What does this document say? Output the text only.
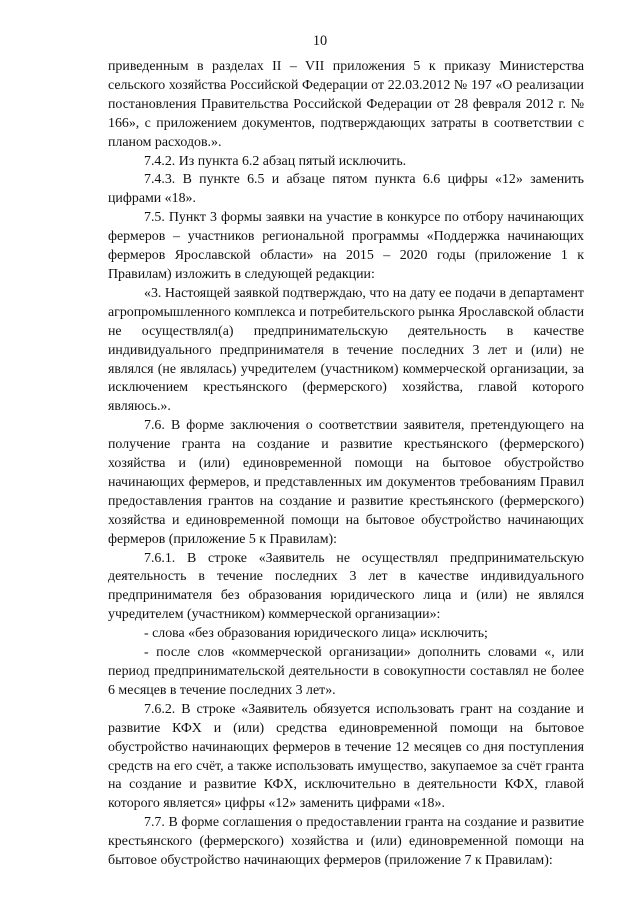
10

приведенным в разделах II – VII приложения 5 к приказу Министерства сельского хозяйства Российской Федерации от 22.03.2012 № 197 «О реализации постановления Правительства Российской Федерации от 28 февраля 2012 г. № 166», с приложением документов, подтверждающих затраты в соответствии с планом расходов.».

7.4.2. Из пункта 6.2 абзац пятый исключить.

7.4.3. В пункте 6.5 и абзаце пятом пункта 6.6 цифры «12» заменить цифрами «18».

7.5. Пункт 3 формы заявки на участие в конкурсе по отбору начинающих фермеров – участников региональной программы «Поддержка начинающих фермеров Ярославской области» на 2015 – 2020 годы (приложение 1 к Правилам) изложить в следующей редакции:

«3. Настоящей заявкой подтверждаю, что на дату ее подачи в департамент агропромышленного комплекса и потребительского рынка Ярославской области не осуществлял(а) предпринимательскую деятельность в качестве индивидуального предпринимателя в течение последних 3 лет и (или) не являлся (не являлась) учредителем (участником) коммерческой организации, за исключением крестьянского (фермерского) хозяйства, главой которого являюсь.».

7.6. В форме заключения о соответствии заявителя, претендующего на получение гранта на создание и развитие крестьянского (фермерского) хозяйства и (или) единовременной помощи на бытовое обустройство начинающих фермеров, и представленных им документов требованиям Правил предоставления грантов на создание и развитие крестьянского (фермерского) хозяйства и единовременной помощи на бытовое обустройство начинающих фермеров (приложение 5 к Правилам):

7.6.1. В строке «Заявитель не осуществлял предпринимательскую деятельность в течение последних 3 лет в качестве индивидуального предпринимателя без образования юридического лица и (или) не являлся учредителем (участником) коммерческой организации»:

- слова «без образования юридического лица» исключить;

- после слов «коммерческой организации» дополнить словами «, или период предпринимательской деятельности в совокупности составлял не более 6 месяцев в течение последних 3 лет».

7.6.2. В строке «Заявитель обязуется использовать грант на создание и развитие КФХ и (или) средства единовременной помощи на бытовое обустройство начинающих фермеров в течение 12 месяцев со дня поступления средств на его счёт, а также использовать имущество, закупаемое за счёт гранта на создание и развитие КФХ, исключительно в деятельности КФХ, главой которого является» цифры «12» заменить цифрами «18».

7.7. В форме соглашения о предоставлении гранта на создание и развитие крестьянского (фермерского) хозяйства и (или) единовременной помощи на бытовое обустройство начинающих фермеров (приложение 7 к Правилам):
